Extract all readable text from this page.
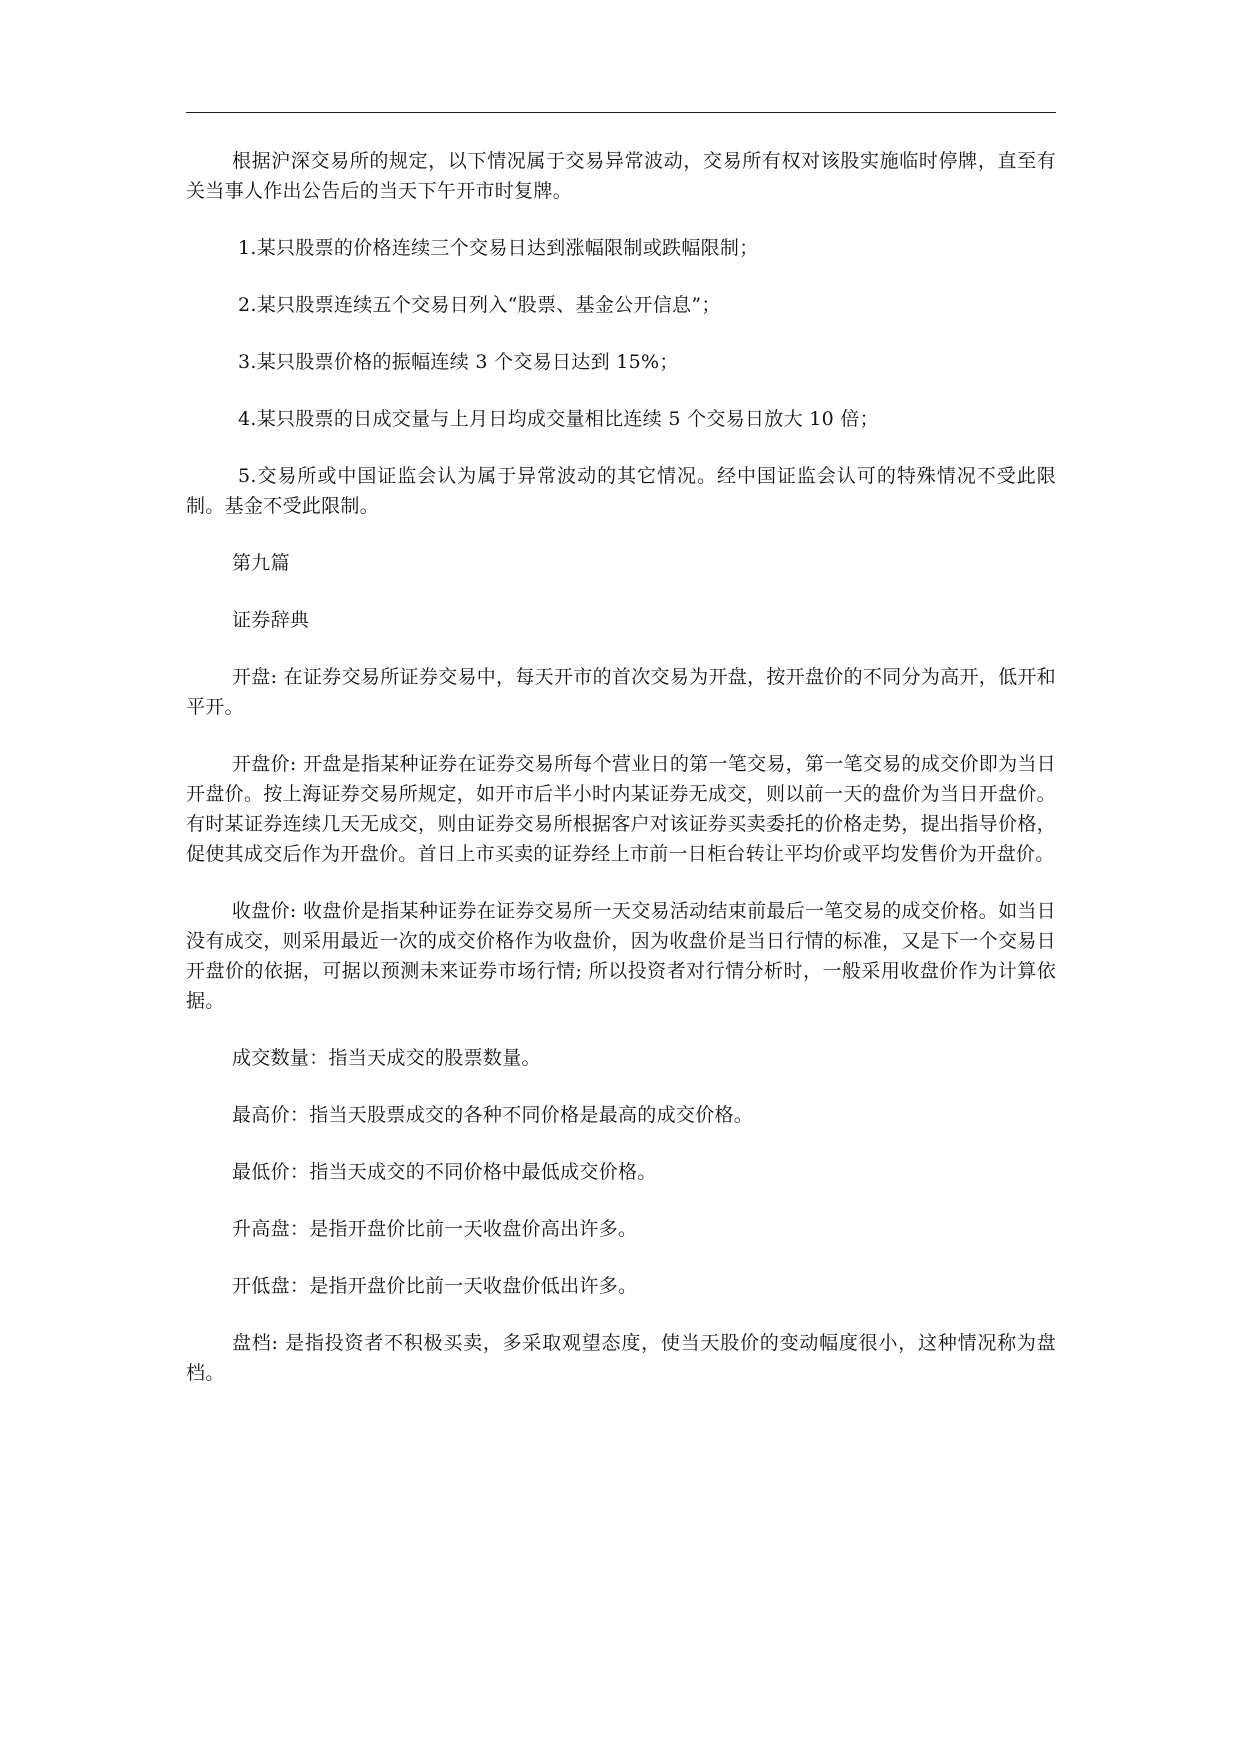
根据沪深交易所的规定，以下情况属于交易异常波动，交易所有权对该股实施临时停牌，直至有关当事人作出公告后的当天下午开市时复牌。

1.某只股票的价格连续三个交易日达到涨幅限制或跌幅限制；

2.某只股票连续五个交易日列入“股票、基金公开信息”；

3.某只股票价格的振幅连续 3 个交易日达到 15%；

4.某只股票的日成交量与上月日均成交量相比连续 5 个交易日放大 10 倍；

5.交易所或中国证监会认为属于异常波动的其它情况。经中国证监会认可的特殊情况不受此限制。基金不受此限制。

第九篇

证券辞典

开盘: 在证券交易所证券交易中，每天开市的首次交易为开盘，按开盘价的不同分为高开，低开和平开。

开盘价: 开盘是指某种证券在证券交易所每个营业日的第一笔交易，第一笔交易的成交价即为当日开盘价。按上海证券交易所规定，如开市后半小时内某证券无成交，则以前一天的盘价为当日开盘价。有时某证券连续几天无成交，则由证券交易所根据客户对该证券买卖委托的价格走势，提出指导价格，促使其成交后作为开盘价。首日上市买卖的证券经上市前一日柜台转让平均价或平均发售价为开盘价。

收盘价: 收盘价是指某种证券在证券交易所一天交易活动结束前最后一笔交易的成交价格。如当日没有成交，则采用最近一次的成交价格作为收盘价，因为收盘价是当日行情的标准，又是下一个交易日开盘价的依据，可据以预测未来证券市场行情; 所以投资者对行情分析时，一般采用收盘价作为计算依据。

成交数量：指当天成交的股票数量。

最高价：指当天股票成交的各种不同价格是最高的成交价格。

最低价：指当天成交的不同价格中最低成交价格。

升高盘：是指开盘价比前一天收盘价高出许多。

开低盘：是指开盘价比前一天收盘价低出许多。

盘档: 是指投资者不积极买卖，多采取观望态度，使当天股价的变动幅度很小，这种情况称为盘档。
